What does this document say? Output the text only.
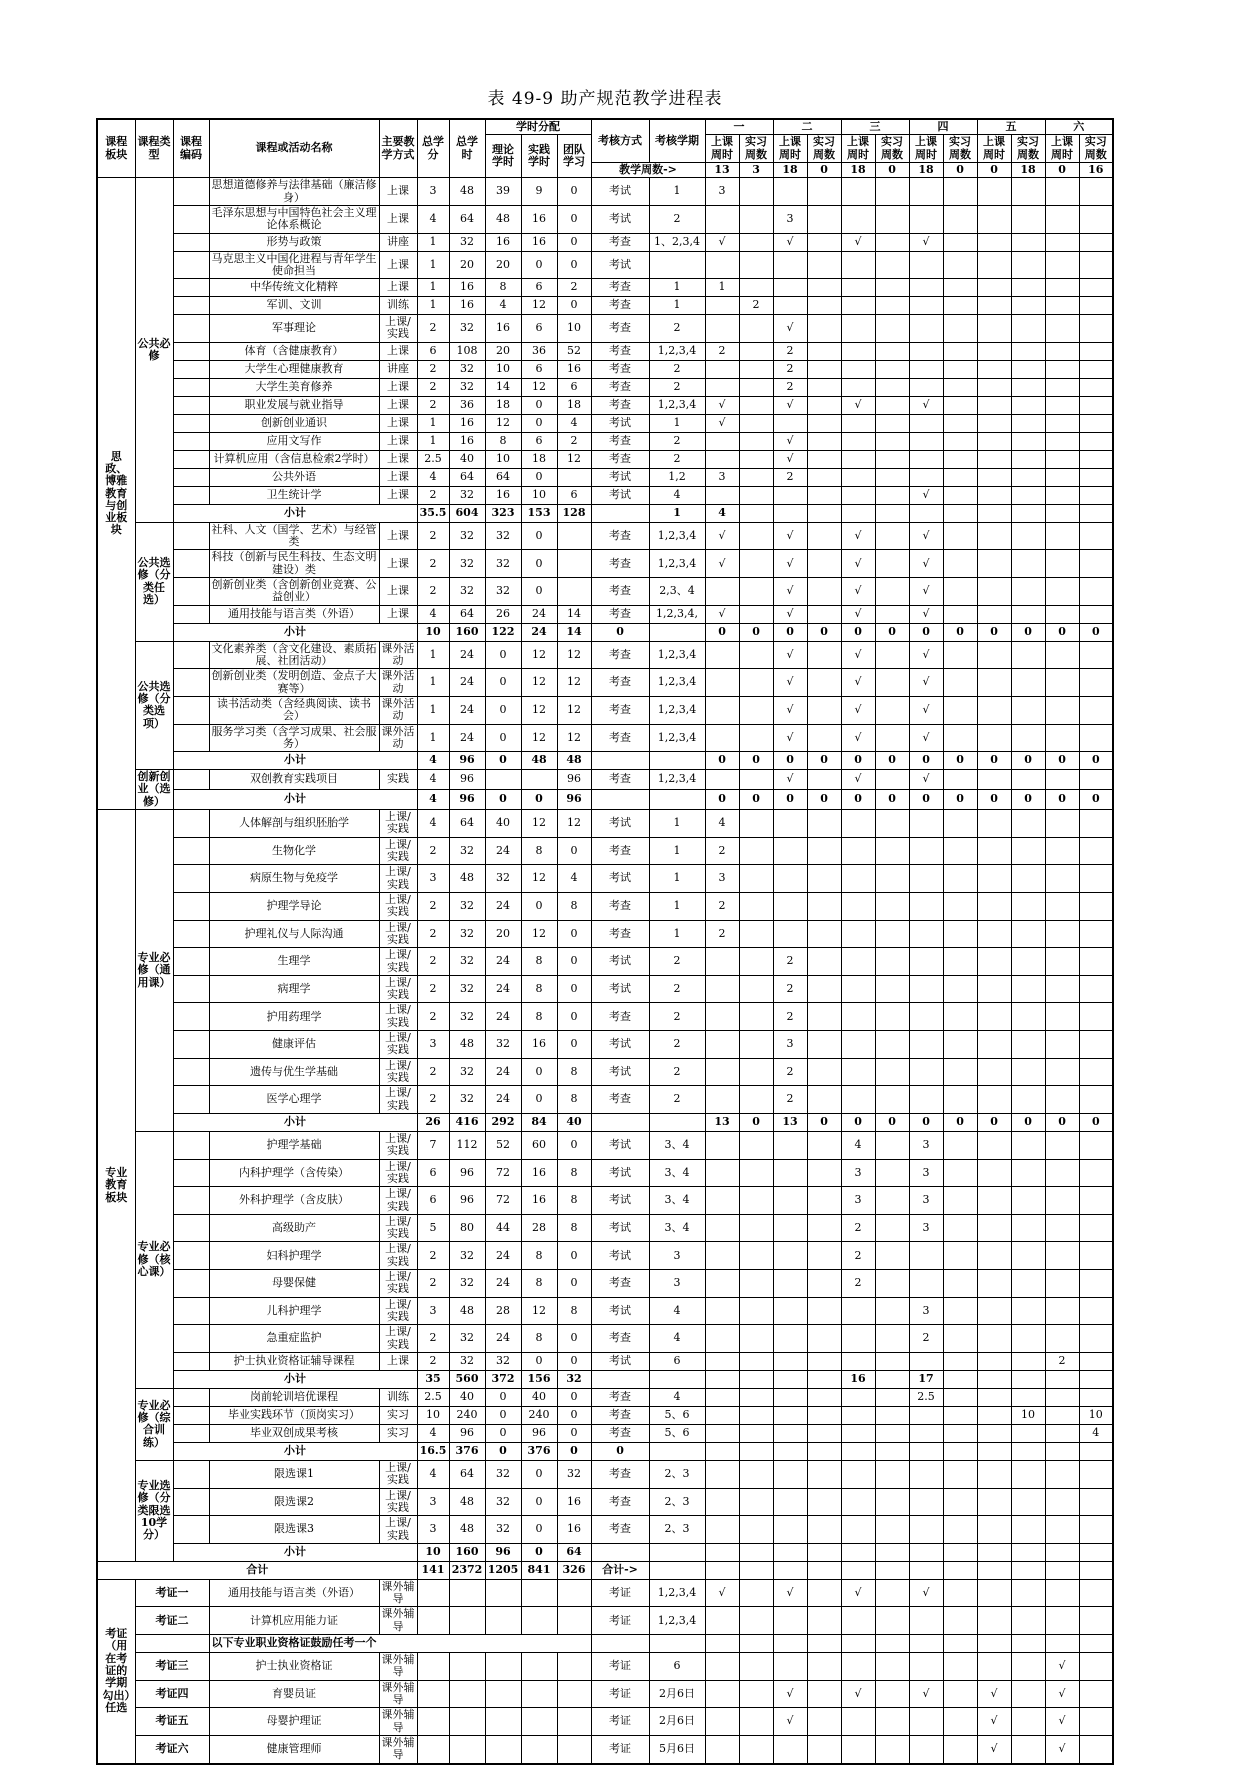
表 49-9 助产规范教学进程表
课程板块	课程类型	课程编码	课程或活动名称	主要教学方式	总学分	总学时	学时分配			考核方式	考核学期	一		二		三		四		五		六	
							理论学时	实践学时	团队学习			上课周时	实习周数	上课周时	实习周数	上课周时	实习周数	上课周时	实习周数	上课周时	实习周数	上课周时	实习周数
										教学周数->		13	3	18	0	18	0	18	0	0	18	0	16
思政、博雅教育与创业板块	公共必修		思想道德修养与法律基础（廉洁修身）	上课	3	48	39	9	0	考试	1	3											
			毛泽东思想与中国特色社会主义理论体系概论	上课	4	64	48	16	0	考试	2			3									
			形势与政策	讲座	1	32	16	16	0	考查	1、2,3,4	√		√		√		√					
			马克思主义中国化进程与青年学生使命担当	上课	1	20	20	0	0	考试													
			中华传统文化精粹	上课	1	16	8	6	2	考查	1	1											
			军训、文训	训练	1	16	4	12	0	考查	1		2										
			军事理论	上课/实践	2	32	16	6	10	考查	2			√									
			体育（含健康教育）	上课	6	108	20	36	52	考查	1,2,3,4	2		2									
			大学生心理健康教育	讲座	2	32	10	6	16	考查	2			2									
			大学生美育修养	上课	2	32	14	12	6	考查	2			2									
			职业发展与就业指导	上课	2	36	18	0	18	考查	1,2,3,4	√		√		√		√					
			创新创业通识	上课	1	16	12	0	4	考试	1	√											
			应用文写作	上课	1	16	8	6	2	考查	2			√									
			计算机应用（含信息检索2学时）	上课	2.5	40	10	18	12	考查	2			√									
			公共外语	上课	4	64	64	0		考试	1,2	3		2									
			卫生统计学	上课	2	32	16	10	6	考试	4							√					
		小计			35.5	604	323	153	128		1	4											
	公共选修（分类任选）		社科、人文（国学、艺术）与经管类	上课	2	32	32	0		考查	1,2,3,4	√		√		√		√					
			科技（创新与民生科技、生态文明建设）类	上课	2	32	32	0		考查	1,2,3,4	√		√		√		√					
			创新创业类（含创新创业竞赛、公益创业）	上课	2	32	32	0		考查	2,3、4			√		√		√					
			通用技能与语言类（外语）	上课	4	64	26	24	14	考查	1,2,3,4,	√		√		√		√					
		小计			10	160	122	24	14	0		0	0	0	0	0	0	0	0	0	0	0	0
	公共选修（分类选项）		文化素养类（含文化建设、素质拓展、社团活动）	课外活动	1	24	0	12	12	考查	1,2,3,4			√		√		√					
			创新创业类（发明创造、金点子大赛等）	课外活动	1	24	0	12	12	考查	1,2,3,4			√		√		√					
			读书活动类（含经典阅读、读书会）	课外活动	1	24	0	12	12	考查	1,2,3,4			√		√		√					
			服务学习类（含学习成果、社会服务）	课外活动	1	24	0	12	12	考查	1,2,3,4			√		√		√					
		小计			4	96	0	48	48			0	0	0	0	0	0	0	0	0	0	0	0
	创新创业（选修）		双创教育实践项目	实践	4	96			96	考查	1,2,3,4			√		√		√					
		小计			4	96	0	0	96			0	0	0	0	0	0	0	0	0	0	0	0
专业教育板块	专业必修（通用课）		人体解剖与组织胚胎学	上课/实践	4	64	40	12	12	考试	1	4											
			生物化学	上课/实践	2	32	24	8	0	考查	1	2											
			病原生物与免疫学	上课/实践	3	48	32	12	4	考试	1	3											
			护理学导论	上课/实践	2	32	24	0	8	考查	1	2											
			护理礼仪与人际沟通	上课/实践	2	32	20	12	0	考查	1	2											
			生理学	上课/实践	2	32	24	8	0	考试	2			2									
			病理学	上课/实践	2	32	24	8	0	考试	2			2									
			护用药理学	上课/实践	2	32	24	8	0	考查	2			2									
			健康评估	上课/实践	3	48	32	16	0	考试	2			3									
			遗传与优生学基础	上课/实践	2	32	24	0	8	考试	2			2									
			医学心理学	上课/实践	2	32	24	0	8	考查	2			2									
		小计			26	416	292	84	40			13	0	13	0	0	0	0	0	0	0	0	0
	专业必修（核心课）		护理学基础	上课/实践	7	112	52	60	0	考试	3、4					4		3					
			内科护理学（含传染）	上课/实践	6	96	72	16	8	考试	3、4					3		3					
			外科护理学（含皮肤）	上课/实践	6	96	72	16	8	考试	3、4					3		3					
			高级助产	上课/实践	5	80	44	28	8	考试	3、4					2		3					
			妇科护理学	上课/实践	2	32	24	8	0	考试	3					2							
			母婴保健	上课/实践	2	32	24	8	0	考查	3					2							
			儿科护理学	上课/实践	3	48	28	12	8	考试	4							3					
			急重症监护	上课/实践	2	32	24	8	0	考查	4							2					
			护士执业资格证辅导课程	上课	2	32	32	0	0	考试	6											2	
		小计			35	560	372	156	32							16		17					
	专业必修（综合训练）		岗前轮训培优课程	训练	2.5	40	0	40	0	考查	4							2.5					
			毕业实践环节（顶岗实习）	实习	10	240	0	240	0	考查	5、6										10		10
			毕业双创成果考核	实习	4	96	0	96	0	考查	5、6												4
		小计			16.5	376	0	376	0	0													
	专业选修（分类限选10学分）		限选课1	上课/实践	4	64	32	0	32	考查	2、3												
			限选课2	上课/实践	3	48	32	0	16	考查	2、3												
			限选课3	上课/实践	3	48	32	0	16	考查	2、3												
		小计			10	160	96	0	64														
合计					141	2372	1205	841	326	合计->													
考证（用在考证的学期勾出）任选	考证一		通用技能与语言类（外语）	课外辅导						考证	1,2,3,4	√		√		√		√					
	考证二		计算机应用能力证	课外辅导						考证	1,2,3,4												
			以下专业职业资格证鼓励任考一个																				
	考证三		护士执业资格证	课外辅导						考证	6											√	
	考证四		育婴员证	课外辅导						考证	2月6日			√		√		√		√		√	
	考证五		母婴护理证	课外辅导						考证	2月6日			√						√		√	
	考证六		健康管理师	课外辅导						考证	5月6日									√		√	
